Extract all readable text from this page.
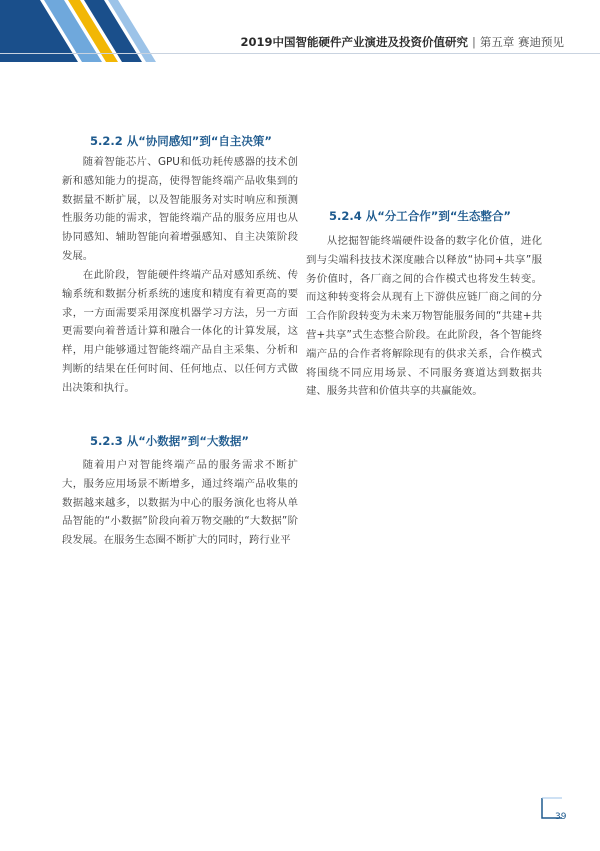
2019中国智能硬件产业演进及投资价值研究 | 第五章 赛迪预见
5.2.2 从“协同感知”到“自主决策”

随着智能芯片、GPU和低功耗传感器的技术创新和感知能力的提高，使得智能终端产品收集到的数据量不断扩展，以及智能服务对实时响应和预测性服务功能的需求，智能终端产品的服务应用也从协同感知、辅助智能向着增强感知、自主决策阶段发展。

在此阶段，智能硬件终端产品对感知系统、传输系统和数据分析系统的速度和精度有着更高的要求，一方面需要采用深度机器学习方法，另一方面更需要向着普适计算和融合一体化的计算发展，这样，用户能够通过智能终端产品自主采集、分析和判断的结果在任何时间、任何地点、以任何方式做出决策和执行。

5.2.3 从“小数据”到“大数据”

随着用户对智能终端产品的服务需求不断扩大，服务应用场景不断增多，通过终端产品收集的数据越来越多，以数据为中心的服务演化也将从单品智能的“小数据”阶段向着万物交融的“大数据”阶段发展。在服务生态圈不断扩大的同时，跨行业平

5.2.4 从“分工合作”到“生态整合”

从挖掘智能终端硬件设备的数字化价值，进化到与尖端科技技术深度融合以释放“协同+共享”服务价值时，各厂商之间的合作模式也将发生转变。而这种转变将会从现有上下游供应链厂商之间的分工合作阶段转变为未来万物智能服务间的“共建+共营+共享”式生态整合阶段。在此阶段，各个智能终端产品的合作者将解除现有的供求关系，合作模式将围绕不同应用场景、不同服务赛道达到数据共建、服务共营和价值共享的共赢能效。

39
